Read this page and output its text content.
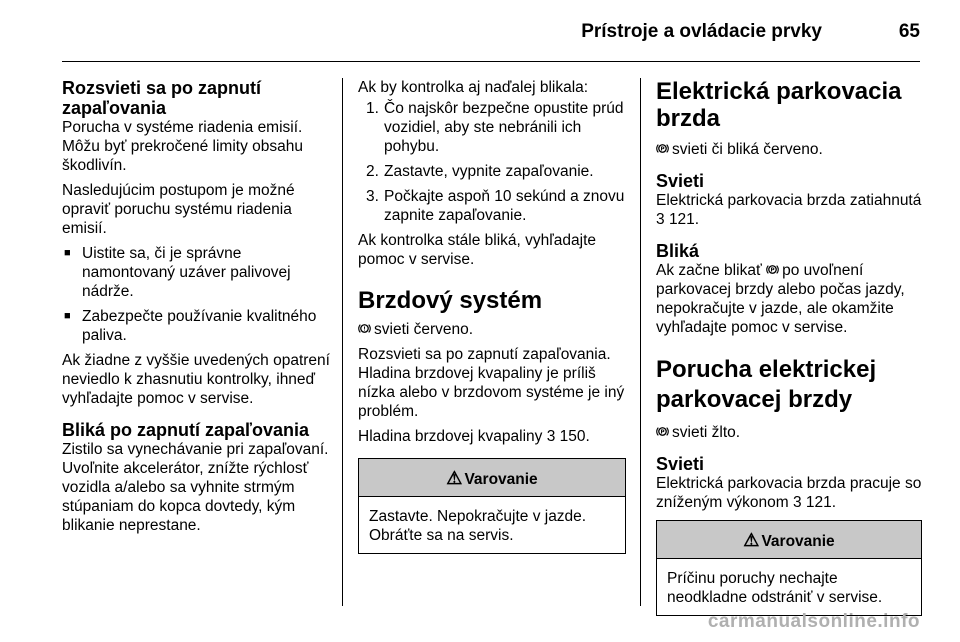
Prístroje a ovládacie prvky	65
Rozsvieti sa po zapnutí zapaľovania

Porucha v systéme riadenia emisií. Môžu byť prekročené limity obsahu škodlivín.

Nasledujúcim postupom je možné opraviť poruchu systému riadenia emisií.

■ Uistite sa, či je správne namontovaný uzáver palivovej nádrže.
■ Zabezpečte používanie kvalitného paliva.

Ak žiadne z vyššie uvedených opatrení neviedlo k zhasnutiu kontrolky, ihneď vyhľadajte pomoc v servise.

Bliká po zapnutí zapaľovania

Zistilo sa vynechávanie pri zapaľovaní. Uvoľnite akcelerátor, znížte rýchlosť vozidla a/alebo sa vyhnite strmým stúpaniam do kopca dovtedy, kým blikanie neprestane.

Ak by kontrolka aj naďalej blikala:

1. Čo najskôr bezpečne opustite prúd vozidiel, aby ste nebránili ich pohybu.
2. Zastavte, vypnite zapaľovanie.
3. Počkajte aspoň 10 sekúnd a znovu zapnite zapaľovanie.

Ak kontrolka stále bliká, vyhľadajte pomoc v servise.

Brzdový systém

! svieti červeno.

Rozsvieti sa po zapnutí zapaľovania. Hladina brzdovej kvapaliny je príliš nízka alebo v brzdovom systéme je iný problém.

Hladina brzdovej kvapaliny 3 150.

⚠ Varovanie
Zastavte. Nepokračujte v jazde. Obráťte sa na servis.
Elektrická parkovacia brzda

P svieti či bliká červeno.

Svieti

Elektrická parkovacia brzda zatiahnutá 3 121.

Bliká

Ak začne blikať P po uvoľnení parkovacej brzdy alebo počas jazdy, nepokračujte v jazde, ale okamžite vyhľadajte pomoc v servise.

Porucha elektrickej parkovacej brzdy

P svieti žlto.

Svieti

Elektrická parkovacia brzda pracuje so zníženým výkonom 3 121.

⚠ Varovanie
Príčinu poruchy nechajte neodkladne odstrániť v servise.
carmanualsonline.info
